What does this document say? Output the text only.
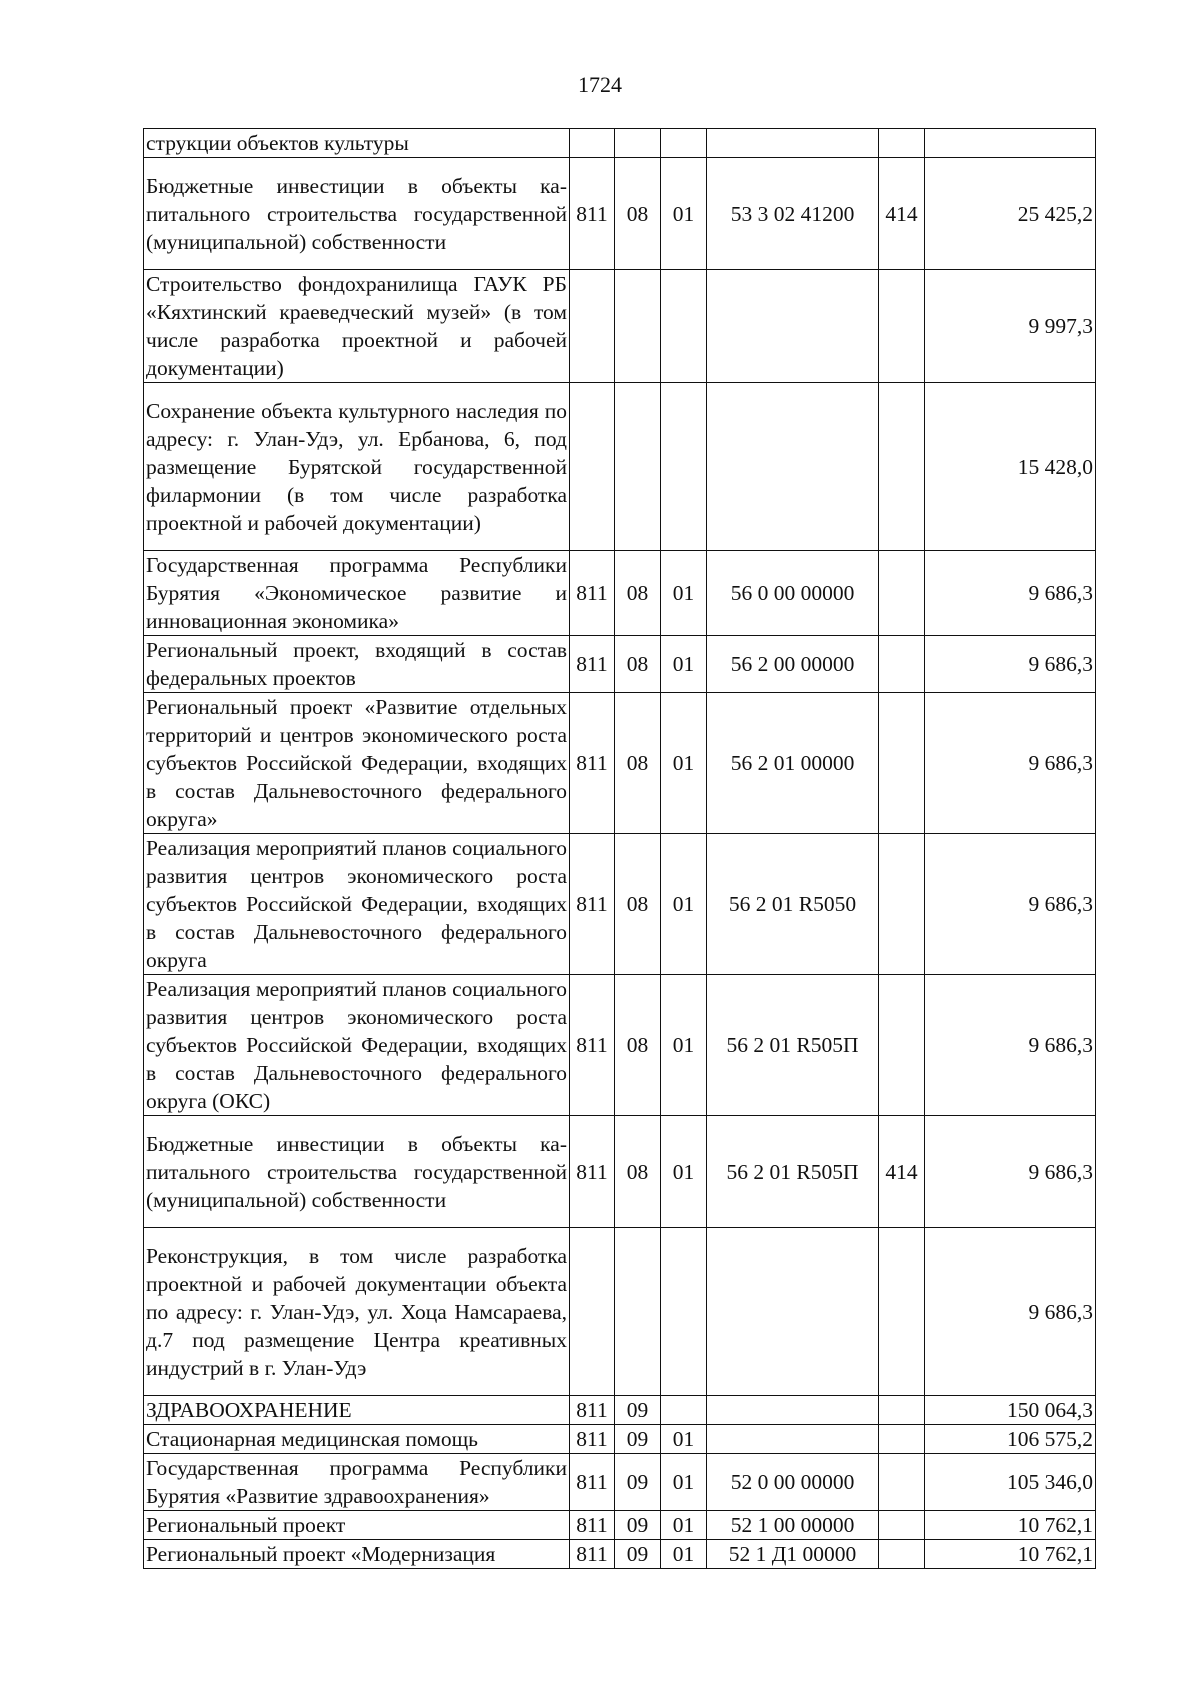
1724
струкции объектов культуры						
Бюджетные инвестиции в объекты капитального строительства государственной (муниципальной) собственности	811	08	01	53 3 02 41200	414	25 425,2
Строительство фондохранилища ГАУК РБ «Кяхтинский краеведческий музей» (в том числе разработка проектной и рабочей документации)						9 997,3
Сохранение объекта культурного наследия по адресу: г. Улан-Удэ, ул. Ербанова, 6, под размещение Бурятской государственной филармонии (в том числе разработка проектной и рабочей документации)						15 428,0
Государственная программа Республики Бурятия «Экономическое развитие и инновационная экономика»	811	08	01	56 0 00 00000		9 686,3
Региональный проект, входящий в состав федеральных проектов	811	08	01	56 2 00 00000		9 686,3
Региональный проект «Развитие отдельных территорий и центров экономического роста субъектов Российской Федерации, входящих в состав Дальневосточного федерального округа»	811	08	01	56 2 01 00000		9 686,3
Реализация мероприятий планов социального развития центров экономического роста субъектов Российской Федерации, входящих в состав Дальневосточного федерального округа	811	08	01	56 2 01 R5050		9 686,3
Реализация мероприятий планов социального развития центров экономического роста субъектов Российской Федерации, входящих в состав Дальневосточного федерального округа (ОКС)	811	08	01	56 2 01 R505П		9 686,3
Бюджетные инвестиции в объекты капитального строительства государственной (муниципальной) собственности	811	08	01	56 2 01 R505П	414	9 686,3
Реконструкция, в том числе разработка проектной и рабочей документации объекта по адресу: г. Улан-Удэ, ул. Хоца Намсараева, д.7 под размещение Центра креативных индустрий в г. Улан-Удэ						9 686,3
ЗДРАВООХРАНЕНИЕ	811	09				150 064,3
Стационарная медицинская помощь	811	09	01			106 575,2
Государственная программа Республики Бурятия «Развитие здравоохранения»	811	09	01	52 0 00 00000		105 346,0
Региональный проект	811	09	01	52 1 00 00000		10 762,1
Региональный проект «Модернизация	811	09	01	52 1 Д1 00000		10 762,1
